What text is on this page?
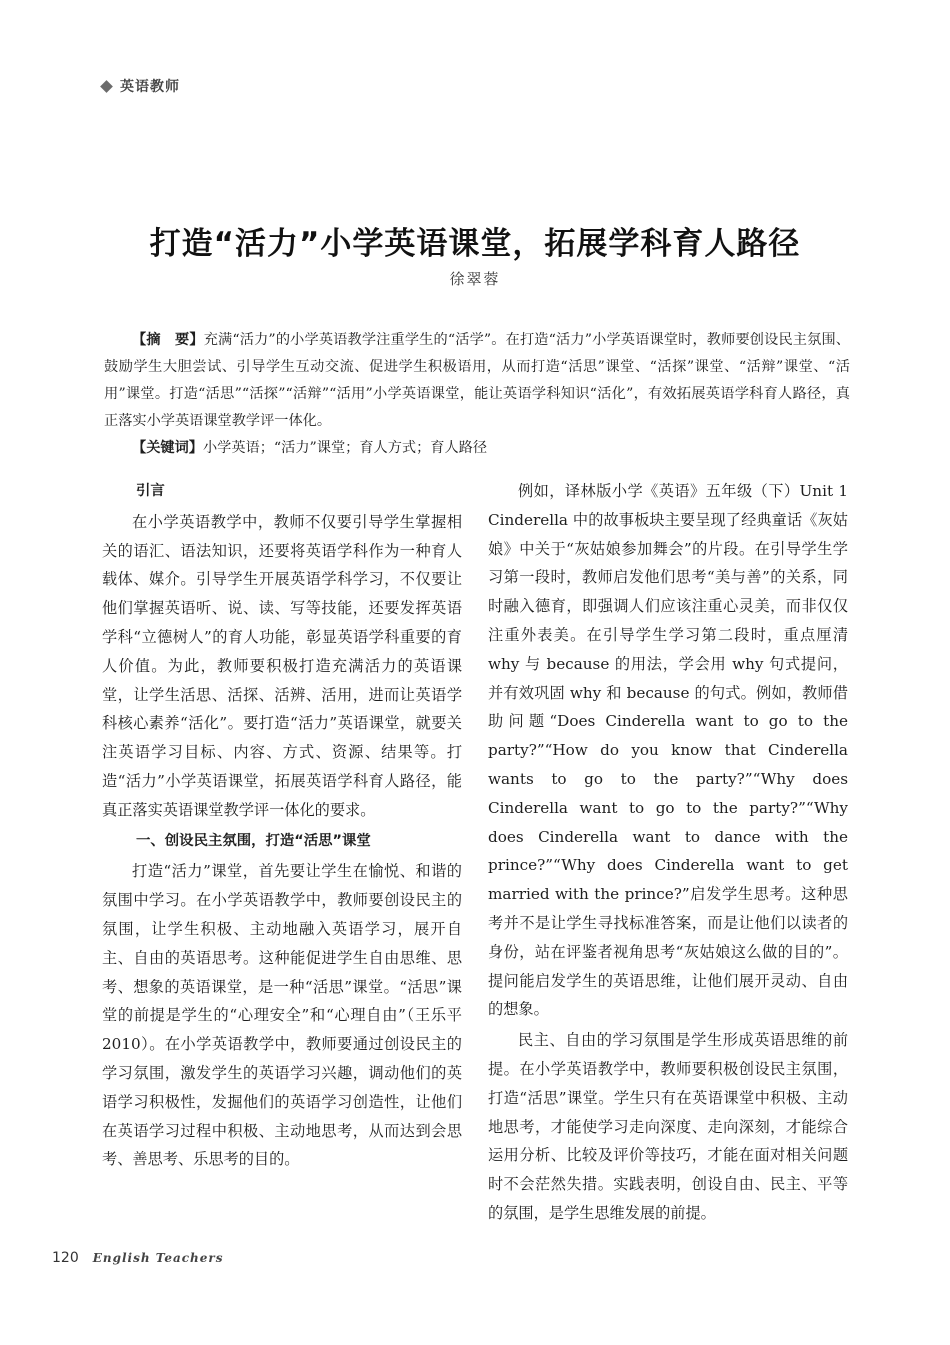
英语教师
打造“活力”小学英语课堂，拓展学科育人路径
徐翠蓉

【摘　要】充满“活力”的小学英语教学注重学生的“活学”。在打造“活力”小学英语课堂时，教师要创设民主氛围、鼓励学生大胆尝试、引导学生互动交流、促进学生积极语用，从而打造“活思”课堂、“活探”课堂、“活辩”课堂、“活用”课堂。打造“活思”“活探”“活辩”“活用”小学英语课堂，能让英语学科知识“活化”，有效拓展英语学科育人路径，真正落实小学英语课堂教学评一体化。

【关键词】小学英语；“活力”课堂；育人方式；育人路径

引言

在小学英语教学中，教师不仅要引导学生掌握相关的语汇、语法知识，还要将英语学科作为一种育人载体、媒介。引导学生开展英语学科学习，不仅要让他们掌握英语听、说、读、写等技能，还要发挥英语学科“立德树人”的育人功能，彰显英语学科重要的育人价值。为此，教师要积极打造充满活力的英语课堂，让学生活思、活探、活辨、活用，进而让英语学科核心素养“活化”。要打造“活力”英语课堂，就要关注英语学习目标、内容、方式、资源、结果等。打造“活力”小学英语课堂，拓展英语学科育人路径，能真正落实英语课堂教学评一体化的要求。

一、创设民主氛围，打造“活思”课堂

打造“活力”课堂，首先要让学生在愉悦、和谐的氛围中学习。在小学英语教学中，教师要创设民主的氛围，让学生积极、主动地融入英语学习，展开自主、自由的英语思考。这种能促进学生自由思维、思考、想象的英语课堂，是一种“活思”课堂。“活思”课堂的前提是学生的“心理安全”和“心理自由”（王乐平 2010）。在小学英语教学中，教师要通过创设民主的学习氛围，激发学生的英语学习兴趣，调动他们的英语学习积极性，发掘他们的英语学习创造性，让他们在英语学习过程中积极、主动地思考，从而达到会思考、善思考、乐思考的目的。

例如，译林版小学《英语》五年级（下）Unit 1 Cinderella 中的故事板块主要呈现了经典童话《灰姑娘》中关于“灰姑娘参加舞会”的片段。在引导学生学习第一段时，教师启发他们思考“美与善”的关系，同时融入德育，即强调人们应该注重心灵美，而非仅仅注重外表美。在引导学生学习第二段时，重点厘清 why 与 because 的用法，学会用 why 句式提问，并有效巩固 why 和 because 的句式。例如，教师借助问题“Does Cinderella want to go to the party?”“How do you know that Cinderella wants to go to the party?”“Why does Cinderella want to go to the party?”“Why does Cinderella want to dance with the prince?”“Why does Cinderella want to get married with the prince?”启发学生思考。这种思考并不是让学生寻找标准答案，而是让他们以读者的身份，站在评鉴者视角思考“灰姑娘这么做的目的”。提问能启发学生的英语思维，让他们展开灵动、自由的想象。

民主、自由的学习氛围是学生形成英语思维的前提。在小学英语教学中，教师要积极创设民主氛围，打造“活思”课堂。学生只有在英语课堂中积极、主动地思考，才能使学习走向深度、走向深刻，才能综合运用分析、比较及评价等技巧，才能在面对相关问题时不会茫然失措。实践表明，创设自由、民主、平等的氛围，是学生思维发展的前提。

120 English Teachers
